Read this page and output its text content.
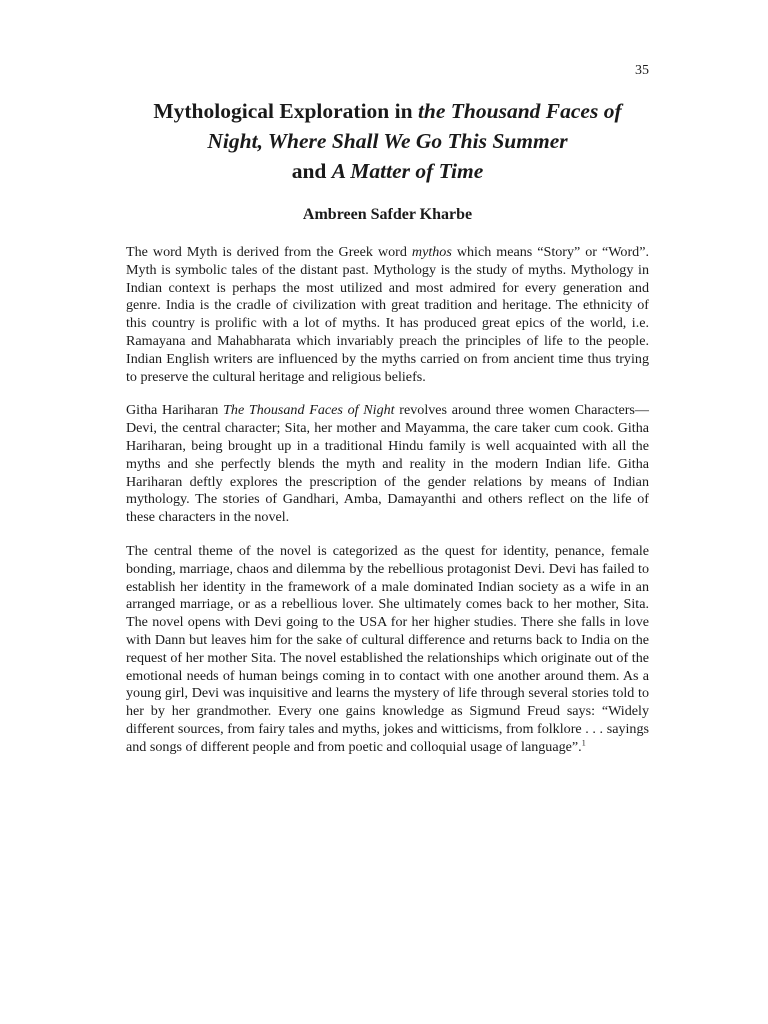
35
Mythological Exploration in the Thousand Faces of
Night, Where Shall We Go This Summer
and A Matter of Time

Ambreen Safder Kharbe

The word Myth is derived from the Greek word mythos which means “Story” or “Word”. Myth is symbolic tales of the distant past. Mythology is the study of myths. Mythology in Indian context is perhaps the most utilized and most admired for every generation and genre. India is the cradle of civilization with great tradition and heritage. The ethnicity of this country is prolific with a lot of myths. It has produced great epics of the world, i.e. Ramayana and Mahabharata which invariably preach the principles of life to the people. Indian English writers are influenced by the myths carried on from ancient time thus trying to preserve the cultural heritage and religious beliefs.

Githa Hariharan The Thousand Faces of Night revolves around three women Characters—Devi, the central character; Sita, her mother and Mayamma, the care taker cum cook. Githa Hariharan, being brought up in a traditional Hindu family is well acquainted with all the myths and she perfectly blends the myth and reality in the modern Indian life. Githa Hariharan deftly explores the prescription of the gender relations by means of Indian mythology. The stories of Gandhari, Amba, Damayanthi and others reflect on the life of these characters in the novel.

The central theme of the novel is categorized as the quest for identity, penance, female bonding, marriage, chaos and dilemma by the rebellious protagonist Devi. Devi has failed to establish her identity in the framework of a male dominated Indian society as a wife in an arranged marriage, or as a rebellious lover. She ultimately comes back to her mother, Sita. The novel opens with Devi going to the USA for her higher studies. There she falls in love with Dann but leaves him for the sake of cultural difference and returns back to India on the request of her mother Sita. The novel established the relationships which originate out of the emotional needs of human beings coming in to contact with one another around them. As a young girl, Devi was inquisitive and learns the mystery of life through several stories told to her by her grandmother. Every one gains knowledge as Sigmund Freud says: “Widely different sources, from fairy tales and myths, jokes and witticisms, from folklore . . . sayings and songs of different people and from poetic and colloquial usage of language”.$^1$
